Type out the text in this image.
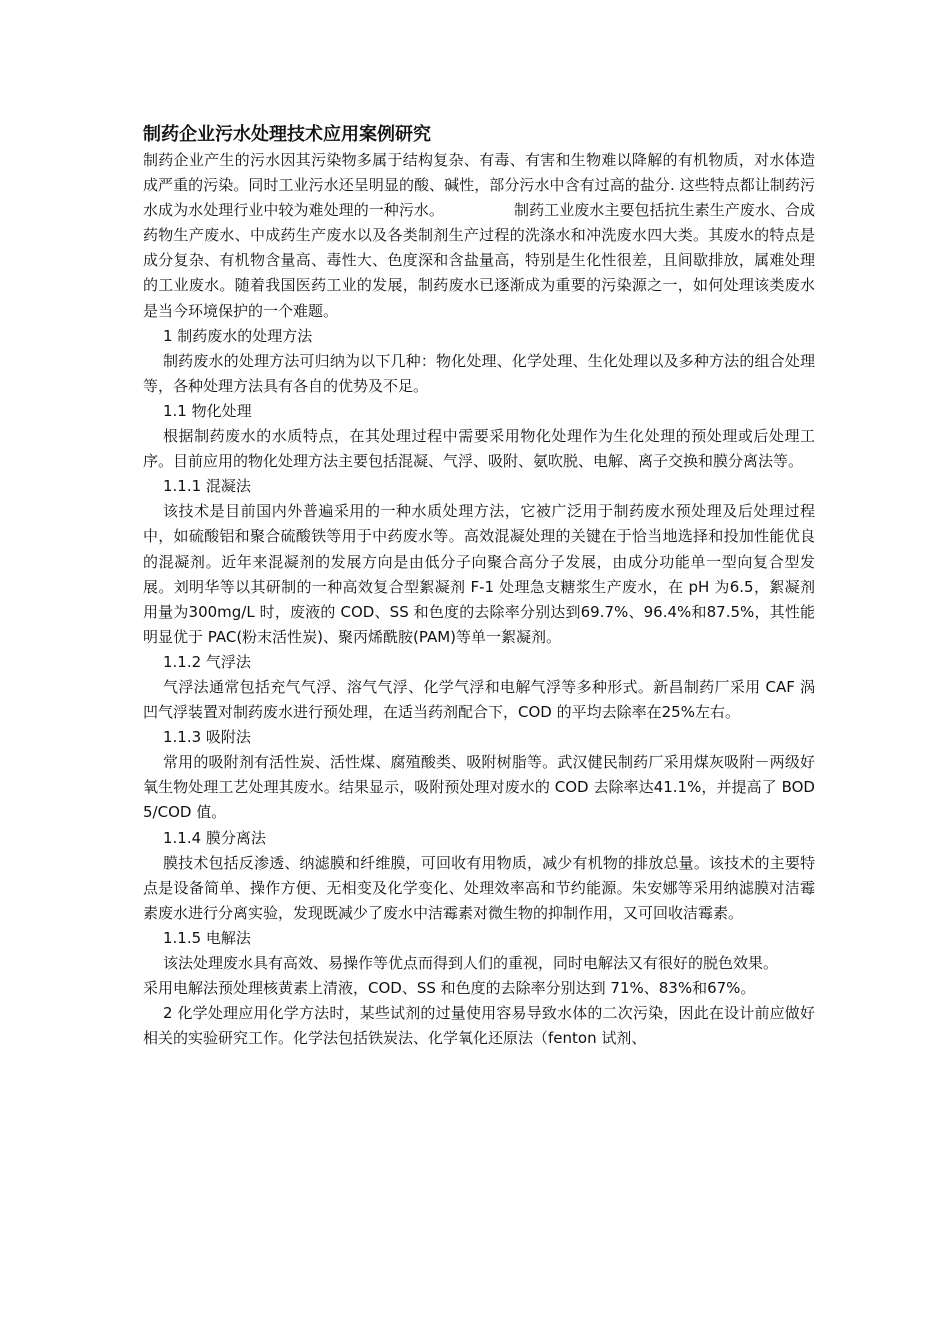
制药企业污水处理技术应用案例研究

制药企业产生的污水因其污染物多属于结构复杂、有毒、有害和生物难以降解的有机物质，对水体造成严重的污染。同时工业污水还呈明显的酸、碱性，部分污水中含有过高的盐分. 这些特点都让制药污水成为水处理行业中较为难处理的一种污水。	制药工业废水主要包括抗生素生产废水、合成药物生产废水、中成药生产废水以及各类制剂生产过程的洗涤水和冲洗废水四大类。其废水的特点是成分复杂、有机物含量高、毒性大、色度深和含盐量高，特别是生化性很差，且间歇排放，属难处理的工业废水。随着我国医药工业的发展，制药废水已逐渐成为重要的污染源之一，如何处理该类废水是当今环境保护的一个难题。

1 制药废水的处理方法

制药废水的处理方法可归纳为以下几种：物化处理、化学处理、生化处理以及多种方法的组合处理等，各种处理方法具有各自的优势及不足。

1.1 物化处理

根据制药废水的水质特点，在其处理过程中需要采用物化处理作为生化处理的预处理或后处理工序。目前应用的物化处理方法主要包括混凝、气浮、吸附、氨吹脱、电解、离子交换和膜分离法等。

1.1.1 混凝法

该技术是目前国内外普遍采用的一种水质处理方法，它被广泛用于制药废水预处理及后处理过程中，如硫酸铝和聚合硫酸铁等用于中药废水等。高效混凝处理的关键在于恰当地选择和投加性能优良的混凝剂。近年来混凝剂的发展方向是由低分子向聚合高分子发展，由成分功能单一型向复合型发展。刘明华等以其研制的一种高效复合型絮凝剂 F-1 处理急支糖浆生产废水，在 pH 为6.5，絮凝剂用量为300mg/L 时，废液的 COD、SS 和色度的去除率分别达到69.7%、96.4%和87.5%，其性能明显优于 PAC(粉末活性炭)、聚丙烯酰胺(PAM)等单一絮凝剂。

1.1.2 气浮法

气浮法通常包括充气气浮、溶气气浮、化学气浮和电解气浮等多种形式。新昌制药厂采用 CAF 涡凹气浮装置对制药废水进行预处理，在适当药剂配合下，COD 的平均去除率在25%左右。

1.1.3 吸附法

常用的吸附剂有活性炭、活性煤、腐殖酸类、吸附树脂等。武汉健民制药厂采用煤灰吸附－两级好氧生物处理工艺处理其废水。结果显示，吸附预处理对废水的 COD 去除率达41.1%，并提高了 BOD5/COD 值。

1.1.4 膜分离法

膜技术包括反渗透、纳滤膜和纤维膜，可回收有用物质，减少有机物的排放总量。该技术的主要特点是设备简单、操作方便、无相变及化学变化、处理效率高和节约能源。朱安娜等采用纳滤膜对洁霉素废水进行分离实验，发现既减少了废水中洁霉素对微生物的抑制作用，又可回收洁霉素。

1.1.5 电解法

该法处理废水具有高效、易操作等优点而得到人们的重视，同时电解法又有很好的脱色效果。

采用电解法预处理核黄素上清液，COD、SS 和色度的去除率分别达到 71%、83%和67%。

2 化学处理应用化学方法时，某些试剂的过量使用容易导致水体的二次污染，因此在设计前应做好相关的实验研究工作。化学法包括铁炭法、化学氧化还原法（fenton 试剂、
